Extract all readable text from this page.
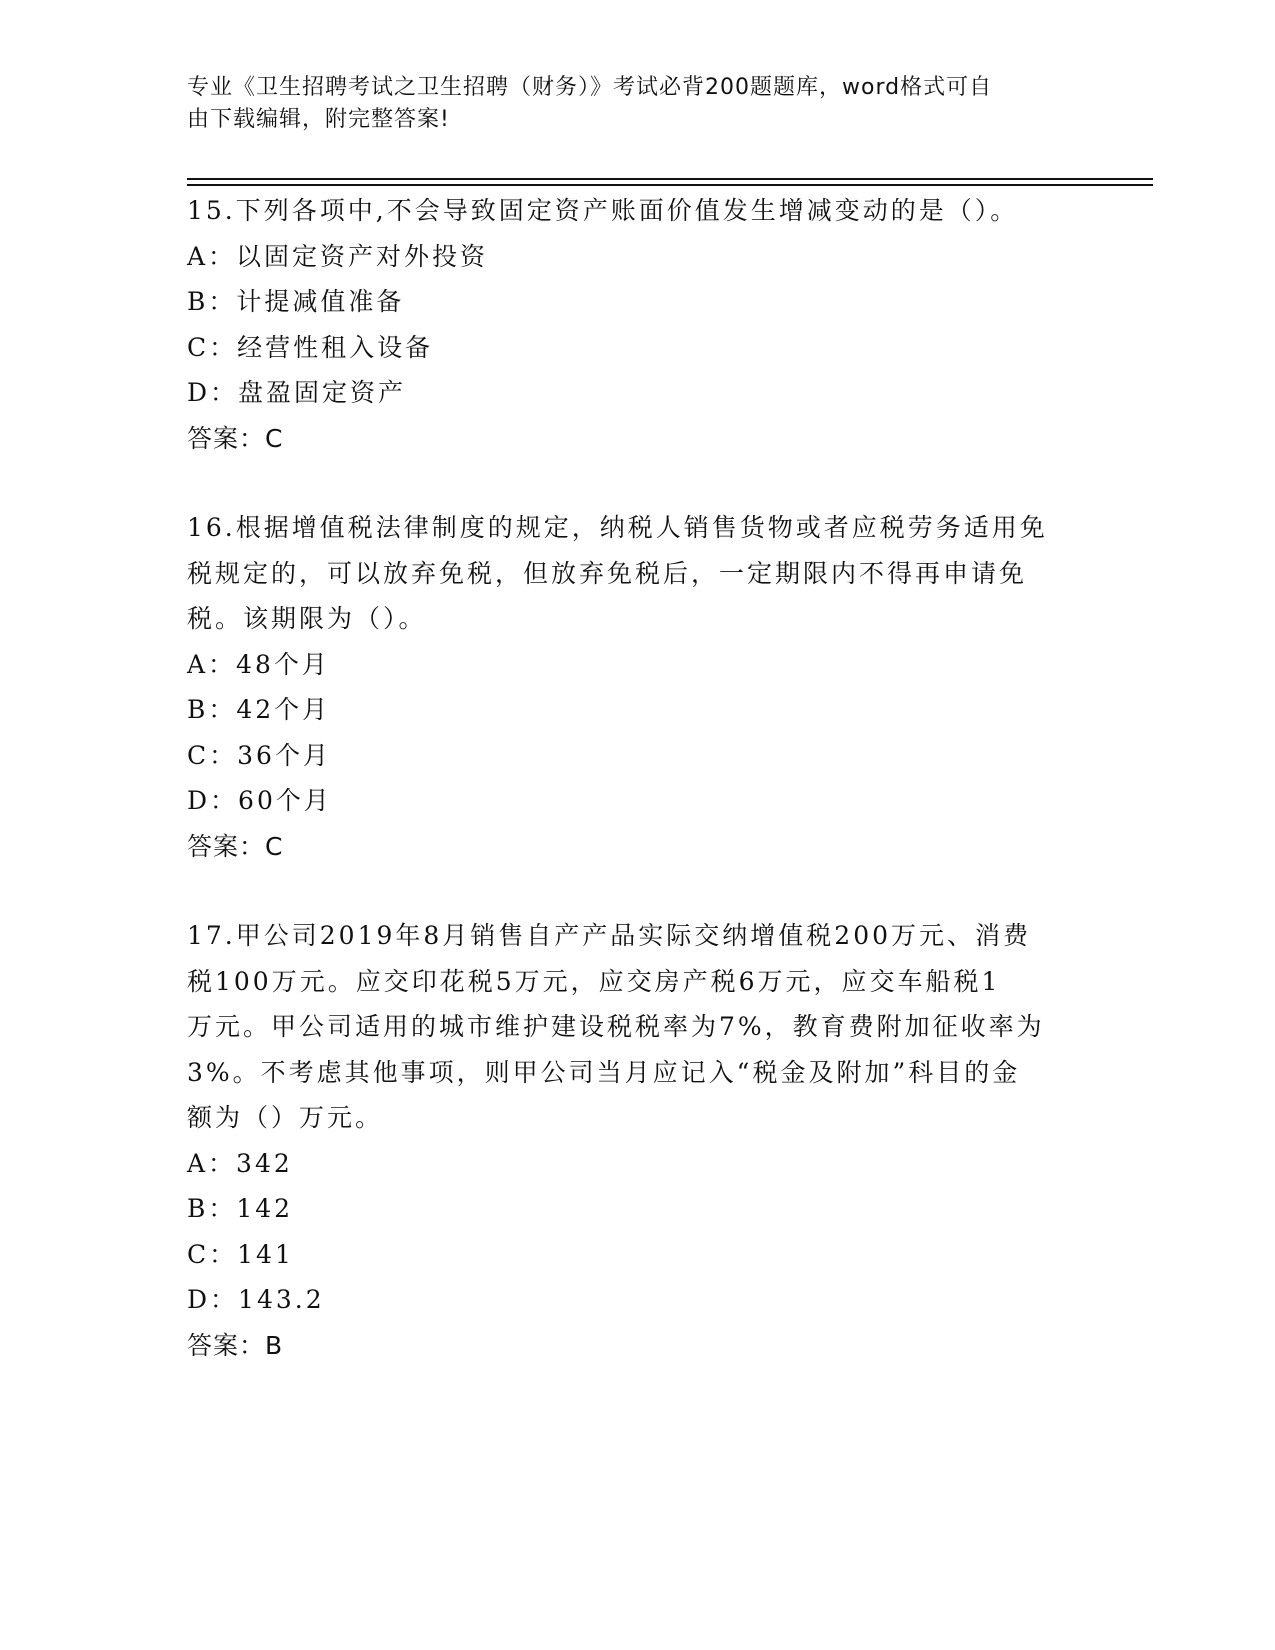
专业《卫生招聘考试之卫生招聘（财务）》考试必背200题题库，word格式可自
由下载编辑，附完整答案!

15.下列各项中,不会导致固定资产账面价值发生增减变动的是（）。

A：以固定资产对外投资

B：计提减值准备

C：经营性租入设备

D：盘盈固定资产

答案：C

16.根据增值税法律制度的规定，纳税人销售货物或者应税劳务适用免

税规定的，可以放弃免税，但放弃免税后，一定期限内不得再申请免

税。该期限为（）。

A：48个月

B：42个月

C：36个月

D：60个月

答案：C

17.甲公司2019年8月销售自产产品实际交纳增值税200万元、消费

税100万元。应交印花税5万元，应交房产税6万元，应交车船税1

万元。甲公司适用的城市维护建设税税率为7%，教育费附加征收率为

3%。不考虑其他事项，则甲公司当月应记入“税金及附加”科目的金

额为（）万元。

A：342

B：142

C：141

D：143.2

答案：B
